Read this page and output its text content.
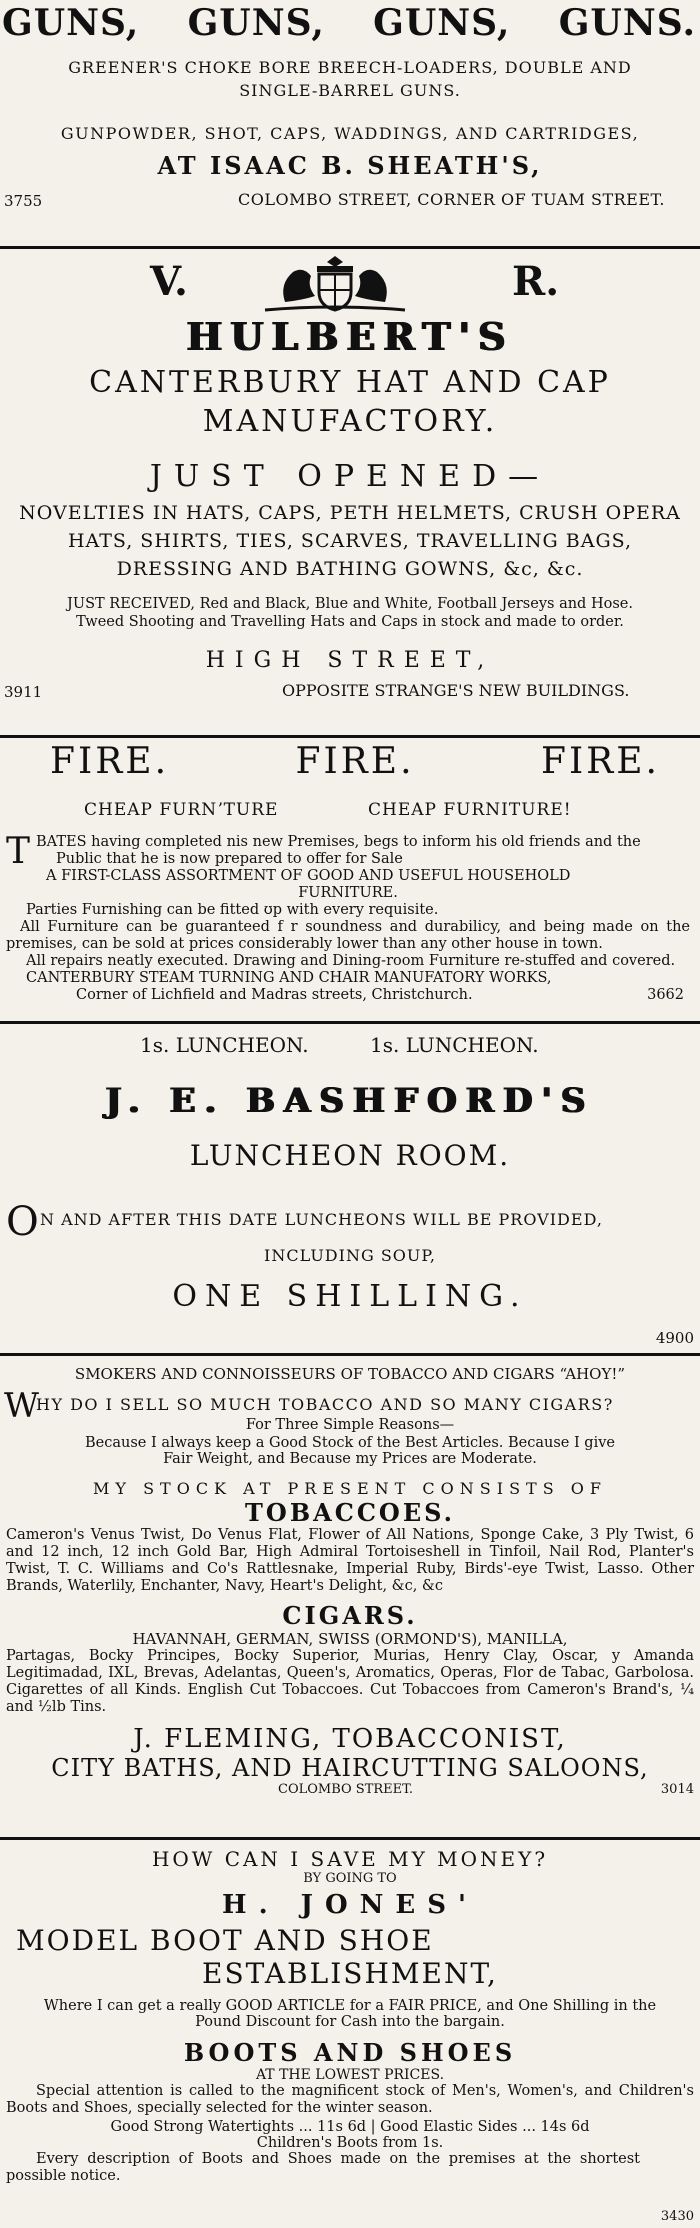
GUNS, GUNS, GUNS, GUNS.

GREENER'S CHOKE BORE BREECH-LOADERS, DOUBLE AND

SINGLE-BARREL GUNS.

GUNPOWDER, SHOT, CAPS, WADDINGS, AND CARTRIDGES,

AT ISAAC B. SHEATH'S,

3755	COLOMBO STREET, CORNER OF TUAM STREET.
V.	R.

HULBERT'S

CANTERBURY HAT AND CAP

MANUFACTORY.

JUST OPENED—

NOVELTIES IN HATS, CAPS, PETH HELMETS, CRUSH OPERA

HATS, SHIRTS, TIES, SCARVES, TRAVELLING BAGS,

DRESSING AND BATHING GOWNS, &c, &c.

JUST RECEIVED, Red and Black, Blue and White, Football Jerseys and Hose.

Tweed Shooting and Travelling Hats and Caps in stock and made to order.

HIGH STREET,

3911	OPPOSITE STRANGE'S NEW BUILDINGS.
FIRE.	FIRE.	FIRE.
CHEAP FURNʼTURE	CHEAP FURNITURE!
T BATES having completed nis new Premises, begs to inform his old friends and the

Public that he is now prepared to offer for Sale

A FIRST-CLASS ASSORTMENT OF GOOD AND USEFUL HOUSEHOLD

FURNITURE.

Parties Furnishing can be fitted ʊp with every requisite.

All Furniture can be guaranteed f r soundness and durabilicy, and being made on the premises, can be sold at prices considerably lower than any other house in town.

All repairs neatly executed. Drawing and Dining-room Furniture re-stuffed and covered.

CANTERBURY STEAM TURNING AND CHAIR MANUFATORY WORKS,

Corner of Lichfield and Madras streets, Christchurch.	3662
1s. LUNCHEON.	1s. LUNCHEON.

J. E. BASHFORD'S

LUNCHEON ROOM.

O N AND AFTER THIS DATE LUNCHEONS WILL BE PROVIDED,

INCLUDING SOUP,

ONE SHILLING.

4900

SMOKERS AND CONNOISSEURS OF TOBACCO AND CIGARS “AHOY!”

W
HY DO I SELL SO MUCH TOBACCO AND SO MANY CIGARS?

For Three Simple Reasons—

Because I always keep a Good Stock of the Best Articles. Because I give

Fair Weight, and Because my Prices are Moderate.

MY STOCK AT PRESENT CONSISTS OF

TOBACCOES.

Cameron's Venus Twist, Do Venus Flat, Flower of All Nations, Sponge Cake, 3 Ply Twist, 6 and 12 inch, 12 inch Gold Bar, High Admiral Tortoiseshell in Tinfoil, Nail Rod, Planter's Twist, T. C. Williams and Co's Rattlesnake, Imperial Ruby, Birds'-eye Twist, Lasso. Other Brands, Waterlily, Enchanter, Navy, Heart's Delight, &c, &c

CIGARS.

HAVANNAH, GERMAN, SWISS (ORMOND'S), MANILLA,

Partagas, Bocky Principes, Bocky Superior, Murias, Henry Clay, Oscar, y Amanda Legitimadad, IXL, Brevas, Adelantas, Queen's, Aromatics, Operas, Flor de Tabac, Garbolosa. Cigarettes of all Kinds. English Cut Tobaccoes. Cut Tobaccoes from Cameron's Brand's, ¼ and ½lb Tins.

J. FLEMING, TOBACCONIST,

CITY BATHS, AND HAIRCUTTING SALOONS,

COLOMBO STREET.	3014

HOW CAN I SAVE MY MONEY?

BY GOING TO

H. JONES'

MODEL BOOT AND SHOE

ESTABLISHMENT,

Where I can get a really GOOD ARTICLE for a FAIR PRICE, and One Shilling in the

Pound Discount for Cash into the bargain.

BOOTS AND SHOES

AT THE LOWEST PRICES.

Special attention is called to the magnificent stock of Men's, Women's, and Children's Boots and Shoes, specially selected for the winter season.

Good Strong Watertights ... 11s 6d | Good Elastic Sides ... 14s 6d

Children's Boots from 1s.

Every description of Boots and Shoes made on the premises at the shortest possible notice.

3430
